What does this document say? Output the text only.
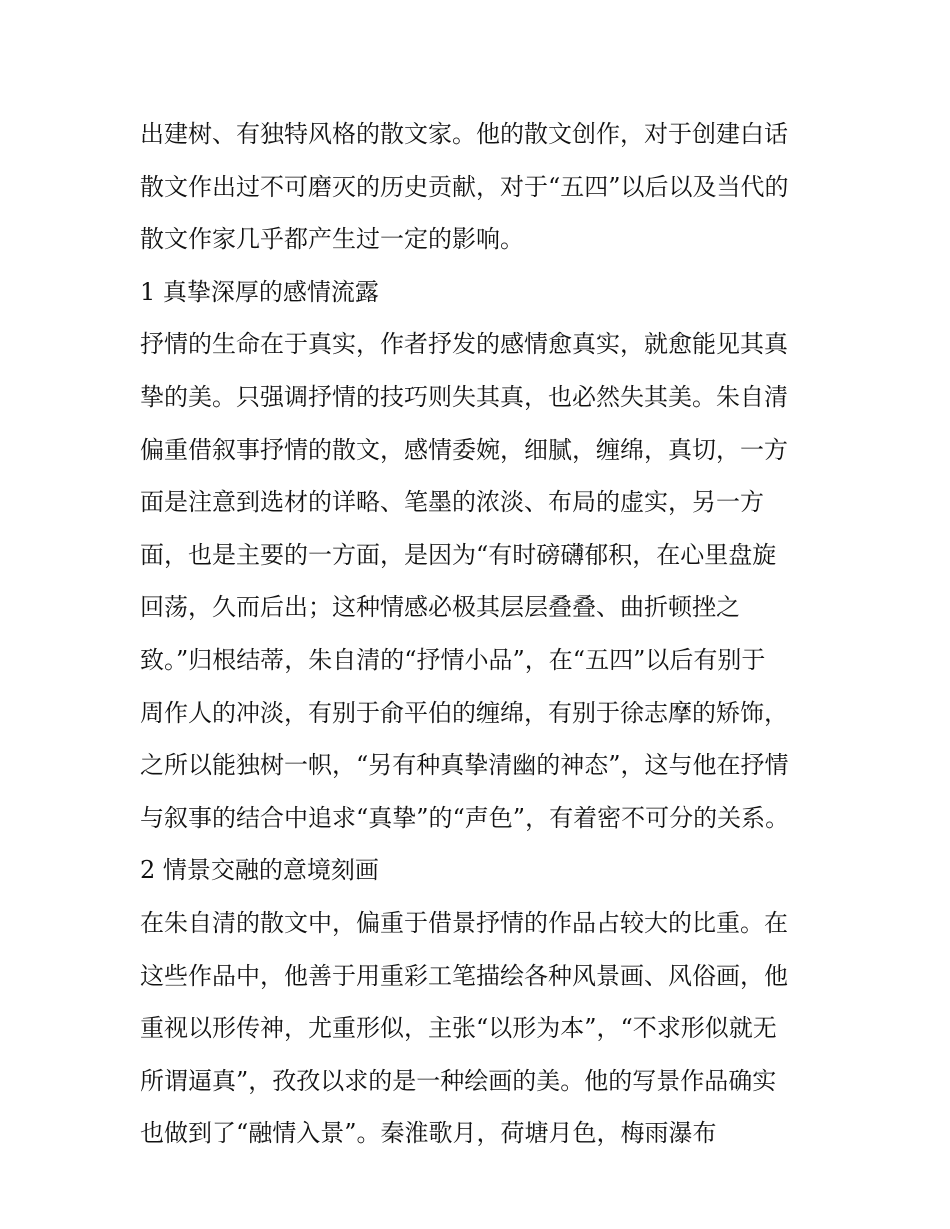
出建树、有独特风格的散文家。他的散文创作，对于创建白话
散文作出过不可磨灭的历史贡献，对于“五四”以后以及当代的
散文作家几乎都产生过一定的影响。
1 真挚深厚的感情流露
抒情的生命在于真实，作者抒发的感情愈真实，就愈能见其真
挚的美。只强调抒情的技巧则失其真，也必然失其美。朱自清
偏重借叙事抒情的散文，感情委婉，细腻，缠绵，真切，一方
面是注意到选材的详略、笔墨的浓淡、布局的虚实，另一方
面，也是主要的一方面，是因为“有时磅礴郁积，在心里盘旋
回荡，久而后出；这种情感必极其层层叠叠、曲折顿挫之
致。”归根结蒂，朱自清的“抒情小品”，在“五四”以后有别于
周作人的冲淡，有别于俞平伯的缠绵，有别于徐志摩的矫饰，
之所以能独树一帜，“另有种真挚清幽的神态”，这与他在抒情
与叙事的结合中追求“真挚”的“声色”，有着密不可分的关系。
2 情景交融的意境刻画
在朱自清的散文中，偏重于借景抒情的作品占较大的比重。在
这些作品中，他善于用重彩工笔描绘各种风景画、风俗画，他
重视以形传神，尤重形似，主张“以形为本”，“不求形似就无
所谓逼真”，孜孜以求的是一种绘画的美。他的写景作品确实
也做到了“融情入景”。秦淮歌月，荷塘月色，梅雨瀑布
